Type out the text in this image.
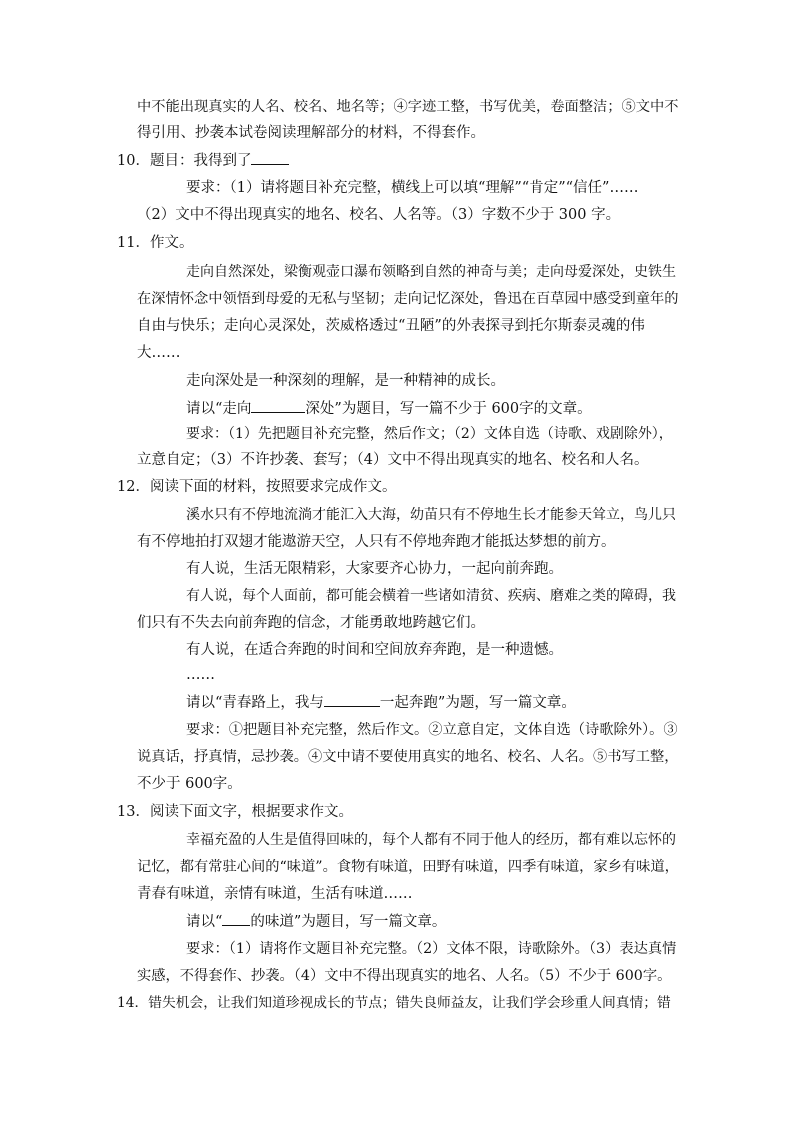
中不能出现真实的人名、校名、地名等；④字迹工整，书写优美，卷面整洁；⑤文中不
得引用、抄袭本试卷阅读理解部分的材料，不得套作。
10．题目：我得到了
要求：（1）请将题目补充完整，横线上可以填“理解”“肯定”“信任”……
（2）文中不得出现真实的地名、校名、人名等。（3）字数不少于 300 字。
11．作文。
走向自然深处，梁衡观壶口瀑布领略到自然的神奇与美；走向母爱深处，史铁生
在深情怀念中领悟到母爱的无私与坚韧；走向记忆深处，鲁迅在百草园中感受到童年的
自由与快乐；走向心灵深处，茨威格透过“丑陋”的外表探寻到托尔斯泰灵魂的伟
大……
走向深处是一种深刻的理解，是一种精神的成长。
请以“走向	深处”为题目，写一篇不少于 600字的文章。
要求：（1）先把题目补充完整，然后作文；（2）文体自选（诗歌、戏剧除外），
立意自定；（3）不许抄袭、套写；（4）文中不得出现真实的地名、校名和人名。
12．阅读下面的材料，按照要求完成作文。
溪水只有不停地流淌才能汇入大海，幼苗只有不停地生长才能参天耸立，鸟儿只
有不停地拍打双翅才能遨游天空，人只有不停地奔跑才能抵达梦想的前方。
有人说，生活无限精彩，大家要齐心协力，一起向前奔跑。
有人说，每个人面前，都可能会横着一些诸如清贫、疾病、磨难之类的障碍，我
们只有不失去向前奔跑的信念，才能勇敢地跨越它们。
有人说，在适合奔跑的时间和空间放弃奔跑，是一种遗憾。
……
请以“青春路上，我与	一起奔跑”为题，写一篇文章。
要求：①把题目补充完整，然后作文。②立意自定，文体自选（诗歌除外）。③
说真话，抒真情，忌抄袭。④文中请不要使用真实的地名、校名、人名。⑤书写工整，
不少于 600字。
13．阅读下面文字，根据要求作文。
幸福充盈的人生是值得回味的，每个人都有不同于他人的经历，都有难以忘怀的
记忆，都有常驻心间的“味道”。食物有味道，田野有味道，四季有味道，家乡有味道，
青春有味道，亲情有味道，生活有味道……
请以“ 的味道”为题目，写一篇文章。
要求：（1）请将作文题目补充完整。（2）文体不限，诗歌除外。（3）表达真情
实感，不得套作、抄袭。（4）文中不得出现真实的地名、人名。（5）不少于 600字。
14．错失机会，让我们知道珍视成长的节点；错失良师益友，让我们学会珍重人间真情；错
